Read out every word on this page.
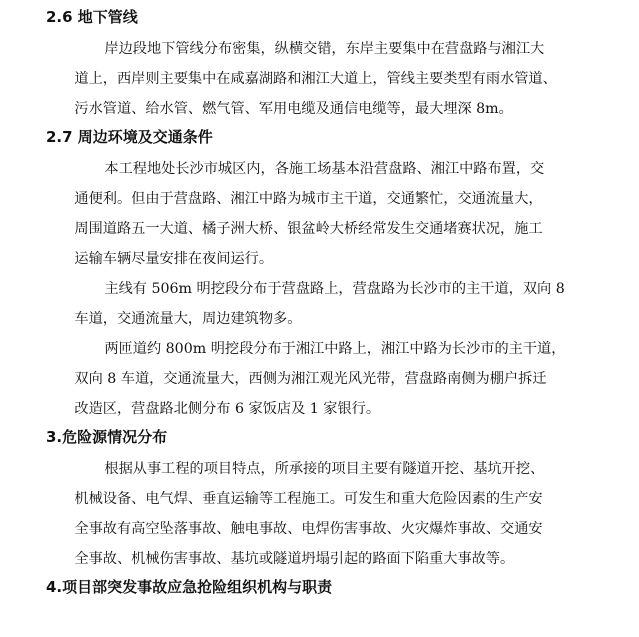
2.6 地下管线
岸边段地下管线分布密集，纵横交错，东岸主要集中在营盘路与湘江大
道上，西岸则主要集中在咸嘉湖路和湘江大道上，管线主要类型有雨水管道、
污水管道、给水管、燃气管、军用电缆及通信电缆等，最大埋深 8m。
2.7 周边环境及交通条件
本工程地处长沙市城区内，各施工场基本沿营盘路、湘江中路布置，交
通便利。但由于营盘路、湘江中路为城市主干道，交通繁忙，交通流量大，
周围道路五一大道、橘子洲大桥、银盆岭大桥经常发生交通堵赛状况，施工
运输车辆尽量安排在夜间运行。
主线有 506m 明挖段分布于营盘路上，营盘路为长沙市的主干道，双向 8
车道，交通流量大，周边建筑物多。
两匝道约 800m 明挖段分布于湘江中路上，湘江中路为长沙市的主干道，
双向 8 车道，交通流量大，西侧为湘江观光风光带，营盘路南侧为棚户拆迁
改造区，营盘路北侧分布 6 家饭店及 1 家银行。
3.危险源情况分布
根据从事工程的项目特点，所承接的项目主要有隧道开挖、基坑开挖、
机械设备、电气焊、垂直运输等工程施工。可发生和重大危险因素的生产安
全事故有高空坠落事故、触电事故、电焊伤害事故、火灾爆炸事故、交通安
全事故、机械伤害事故、基坑或隧道坍塌引起的路面下陷重大事故等。
4.项目部突发事故应急抢险组织机构与职责
